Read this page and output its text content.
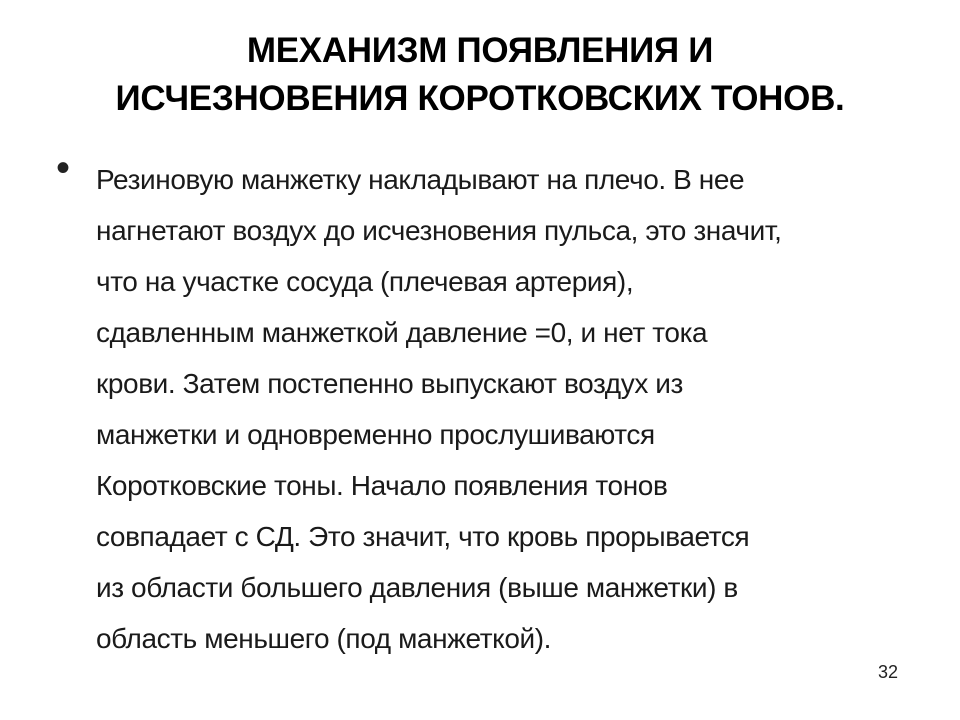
МЕХАНИЗМ ПОЯВЛЕНИЯ И
ИСЧЕЗНОВЕНИЯ КОРОТКОВСКИХ ТОНОВ.
• Резиновую манжетку накладывают на плечо. В нее
нагнетают воздух до исчезновения пульса, это значит,
что на участке сосуда (плечевая артерия),
сдавленным манжеткой давление =0, и нет тока
крови. Затем постепенно выпускают воздух из
манжетки и одновременно прослушиваются
Коротковские тоны. Начало появления тонов
совпадает с СД. Это значит, что кровь прорывается
из области большего давления (выше манжетки) в
область меньшего (под манжеткой).

32
